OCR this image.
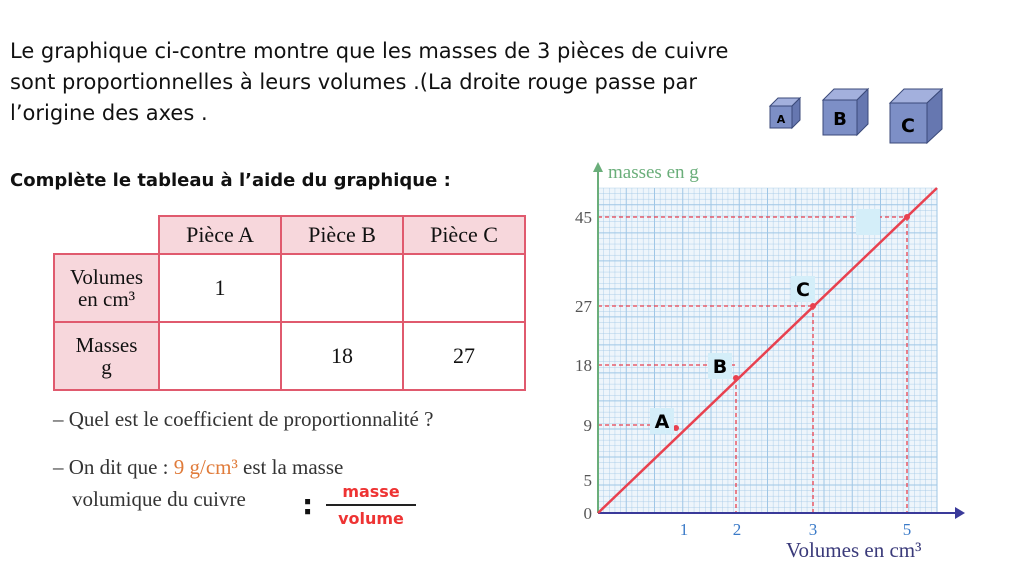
Le graphique ci-contre montre que les masses de 3 pièces de cuivre sont proportionnelles à leurs volumes .(La droite rouge passe par l’origine des axes .
Complète le tableau à l’aide du graphique :
	Pièce A	Pièce B	Pièce C

Volumes
en cm³	1		

Masses
g		18	27
– Quel est le coefficient de proportionnalité ?
– On dit que : 9 g/cm³ est la masse
volumique du cuivre :	masse
volume
A	B	C
1	2	3	5
0
5
9
18
27
45
A
B
C
masses en g
Volumes en cm³
